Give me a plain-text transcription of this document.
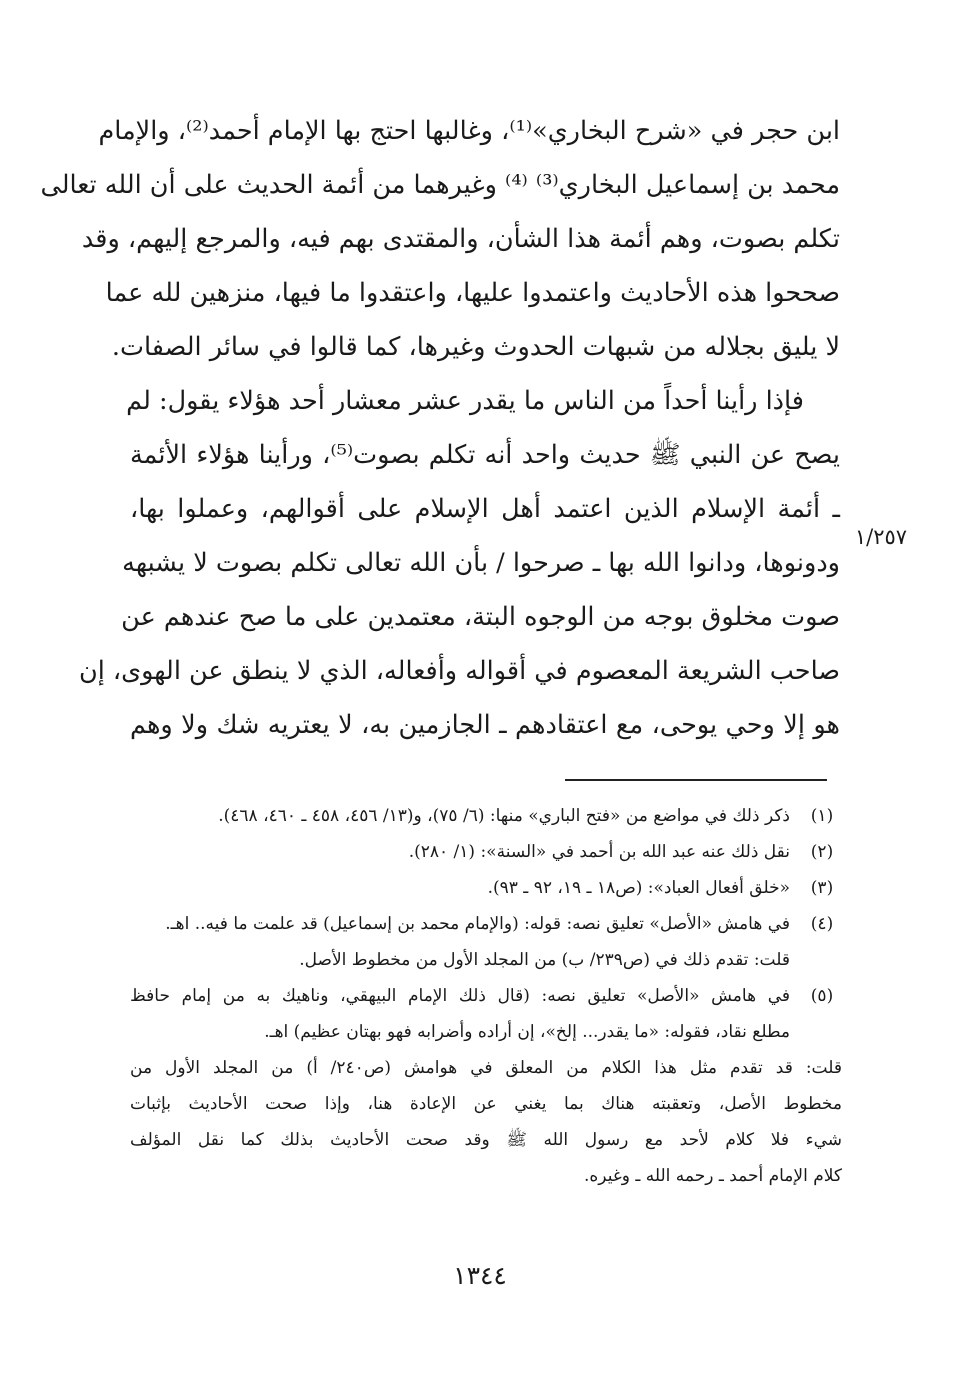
ابن حجر في «شرح البخاري»⁽¹⁾، وغالبها احتج بها الإمام أحمد⁽²⁾، والإمام
محمد بن إسماعيل البخاري⁽³⁾ ⁽⁴⁾ وغيرهما من أئمة الحديث على أن الله تعالى
تكلم بصوت، وهم أئمة هذا الشأن، والمقتدى بهم فيه، والمرجع إليهم، وقد
صححوا هذه الأحاديث واعتمدوا عليها، واعتقدوا ما فيها، منزهين لله عما
لا يليق بجلاله من شبهات الحدوث وغيرها، كما قالوا في سائر الصفات.
فإذا رأينا أحداً من الناس ما يقدر عشر معشار أحد هؤلاء يقول: لم
يصح عن النبي ﷺ حديث واحد أنه تكلم بصوت⁽⁵⁾، ورأينا هؤلاء الأئمة
ـ أئمة الإسلام الذين اعتمد أهل الإسلام على أقوالهم، وعملوا بها،
ودونوها، ودانوا الله بها ـ صرحوا / بأن الله تعالى تكلم بصوت لا يشبهه
صوت مخلوق بوجه من الوجوه البتة، معتمدين على ما صح عندهم عن
صاحب الشريعة المعصوم في أقواله وأفعاله، الذي لا ينطق عن الهوى، إن
هو إلا وحي يوحى، مع اعتقادهم ـ الجازمين به، لا يعتريه شك ولا وهم
١/٢٥٧
(١)
ذكر ذلك في مواضع من «فتح الباري» منها: (٦/ ٧٥)، و(١٣/ ٤٥٦، ٤٥٨ ـ ٤٦٠، ٤٦٨).
(٢)
نقل ذلك عنه عبد الله بن أحمد في «السنة»: (١/ ٢٨٠).
(٣)
«خلق أفعال العباد»: (ص١٨ ـ ١٩، ٩٢ ـ ٩٣).
(٤)
في هامش «الأصل» تعليق نصه: قوله: (والإمام محمد بن إسماعيل) قد علمت ما فيه.. اهـ.
قلت: تقدم ذلك في (ص٢٣٩/ ب) من المجلد الأول من مخطوط الأصل.
(٥)
في هامش «الأصل» تعليق نصه: (قال ذلك الإمام البيهقي، وناهيك به من إمام حافظ
مطلع نقاد، فقوله: «ما يقدر... إلخ»، إن أراده وأضرابه فهو بهتان عظيم) اهـ.
قلت: قد تقدم مثل هذا الكلام من المعلق في هوامش (ص٢٤٠/ أ) من المجلد الأول من
مخطوط الأصل، وتعقبته هناك بما يغني عن الإعادة هنا، وإذا صحت الأحاديث بإثبات
شيء فلا كلام لأحد مع رسول الله ﷺ وقد صحت الأحاديث بذلك كما نقل المؤلف
كلام الإمام أحمد ـ رحمه الله ـ وغيره.
١٣٤٤
